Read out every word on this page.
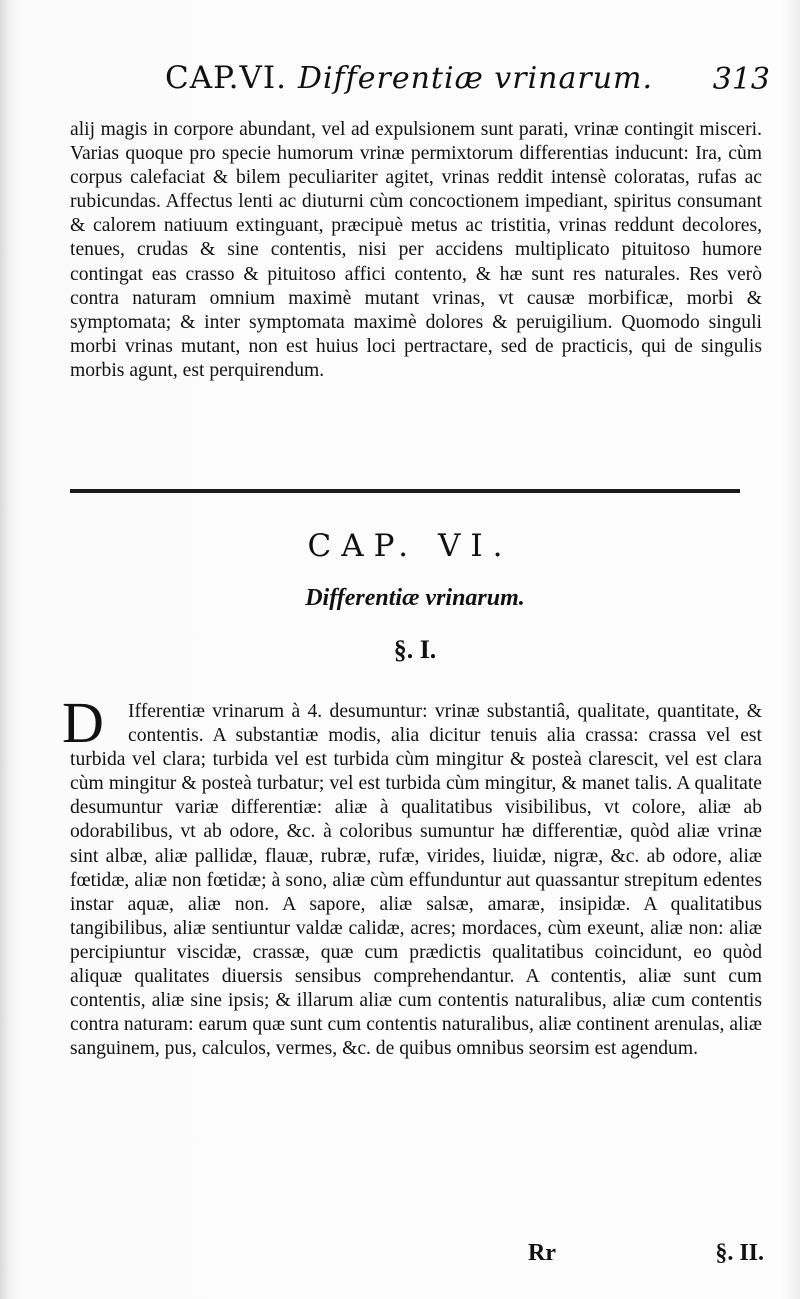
CAP.VI. Differentiæ vrinarum. 313

alij magis in corpore abundant, vel ad expulsionem sunt parati, vrinæ contingit misceri. Varias quoque pro specie humorum vrinæ permixtorum differentias inducunt: Ira, cùm corpus calefaciat & bilem peculiariter agitet, vrinas reddit intensè coloratas, rufas ac rubicundas. Affectus lenti ac diuturni cùm concoctionem impediant, spiritus consumant & calorem natiuum extinguant, præcipuè metus ac tristitia, vrinas reddunt decolores, tenues, crudas & sine contentis, nisi per accidens multiplicato pituitoso humore contingat eas crasso & pituitoso affici contento, & hæ sunt res naturales. Res verò contra naturam omnium maximè mutant vrinas, vt causæ morbificæ, morbi & symptomata; & inter symptomata maximè dolores & peruigilium. Quomodo singuli morbi vrinas mutant, non est huius loci pertractare, sed de practicis, qui de singulis morbis agunt, est perquirendum.

CAP. VI.
Differentiæ vrinarum.
§. I.
D	Ifferentiæ vrinarum à 4. desumuntur: vrinæ substantiâ, qualitate, quantitate, & contentis. A substantiæ modis, alia dicitur tenuis alia crassa: crassa vel est turbida vel clara; turbida vel est turbida cùm mingitur & posteà clarescit, vel est clara cùm mingitur & posteà turbatur; vel est turbida cùm mingitur, & manet talis. A qualitate desumuntur variæ differentiæ: aliæ à qualitatibus visibilibus, vt colore, aliæ ab odorabilibus, vt ab odore, &c. à coloribus sumuntur hæ differentiæ, quòd aliæ vrinæ sint albæ, aliæ pallidæ, flauæ, rubræ, rufæ, virides, liuidæ, nigræ, &c. ab odore, aliæ fœtidæ, aliæ non fœtidæ; à sono, aliæ cùm effunduntur aut quassantur strepitum edentes instar aquæ, aliæ non. A sapore, aliæ salsæ, amaræ, insipidæ. A qualitatibus tangibilibus, aliæ sentiuntur valdæ calidæ, acres; mordaces, cùm exeunt, aliæ non: aliæ percipiuntur viscidæ, crassæ, quæ cum prædictis qualitatibus coincidunt, eo quòd aliquæ qualitates diuersis sensibus comprehendantur. A contentis, aliæ sunt cum contentis, aliæ sine ipsis; & illarum aliæ cum contentis naturalibus, aliæ cum contentis contra naturam: earum quæ sunt cum contentis naturalibus, aliæ continent arenulas, aliæ sanguinem, pus, calculos, vermes, &c. de quibus omnibus seorsim est agendum.

Rr	§. II.
